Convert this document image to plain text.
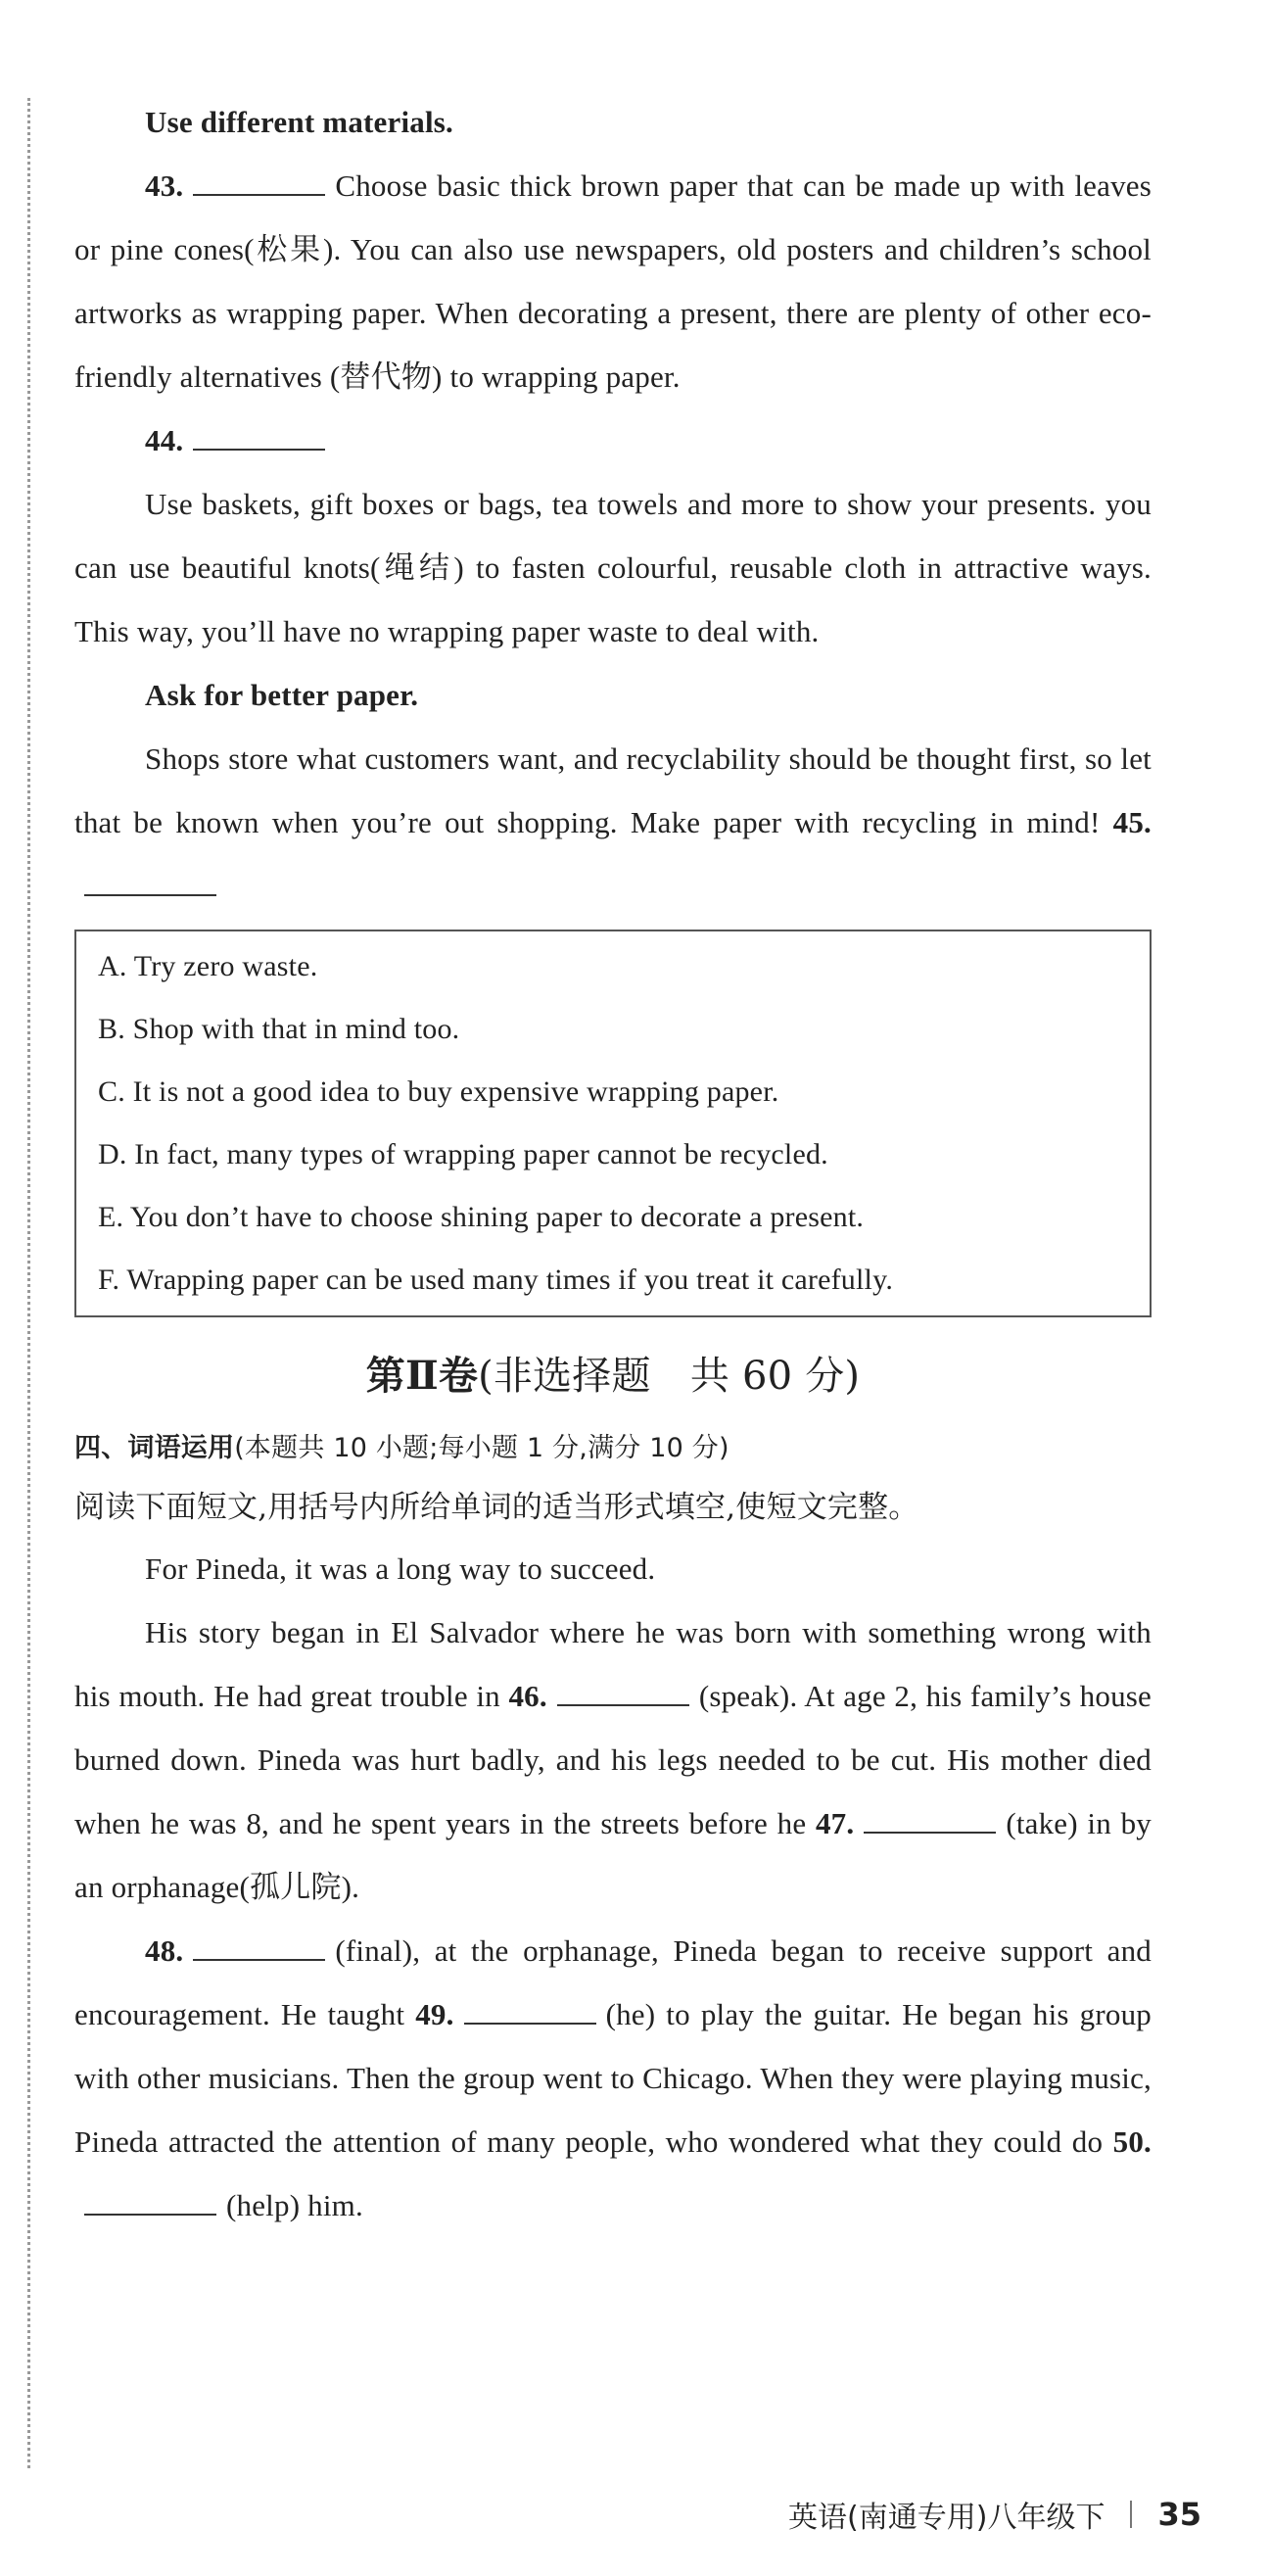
Use different materials.

43.	Choose basic thick brown paper that can be made up with leaves or pine cones(松果). You can also use newspapers, old posters and children’s school artworks as wrapping paper. When decorating a present, there are plenty of other eco-friendly alternatives (替代物) to wrapping paper.

44.

Use baskets, gift boxes or bags, tea towels and more to show your presents. you can use beautiful knots(绳结) to fasten colourful, reusable cloth in attractive ways. This way, you’ll have no wrapping paper waste to deal with.

Ask for better paper.

Shops store what customers want, and recyclability should be thought first, so let that be known when you’re out shopping. Make paper with recycling in mind! 45.

A. Try zero waste.
B. Shop with that in mind too.
C. It is not a good idea to buy expensive wrapping paper.
D. In fact, many types of wrapping paper cannot be recycled.
E. You don’t have to choose shining paper to decorate a present.
F. Wrapping paper can be used many times if you treat it carefully.
第Ⅱ卷(非选择题　共 60 分)
四、词语运用(本题共 10 小题;每小题 1 分,满分 10 分)

阅读下面短文,用括号内所给单词的适当形式填空,使短文完整。

For Pineda, it was a long way to succeed.

His story began in El Salvador where he was born with something wrong with his mouth. He had great trouble in 46.	(speak). At age 2, his family’s house burned down. Pineda was hurt badly, and his legs needed to be cut. His mother died when he was 8, and he spent years in the streets before he 47.	(take) in by an orphanage(孤儿院).

48.	(final), at the orphanage, Pineda began to receive support and encouragement. He taught 49.	(he) to play the guitar. He began his group with other musicians. Then the group went to Chicago. When they were playing music, Pineda attracted the attention of many people, who wondered what they could do 50.(help) him.

英语(南通专用)八年级下 35
